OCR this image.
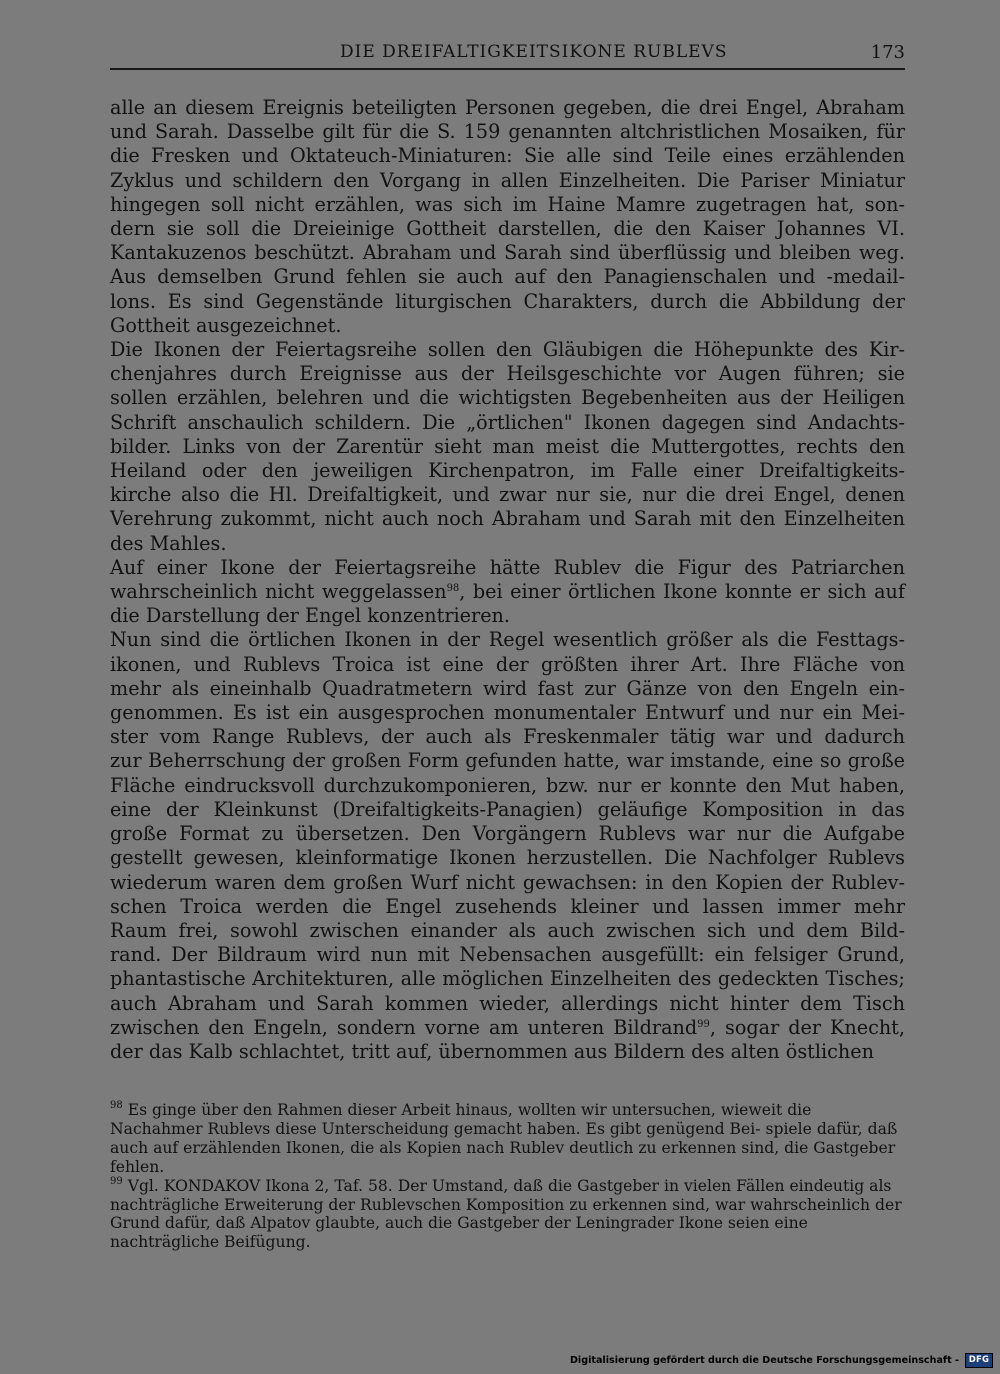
DIE DREIFALTIGKEITSIKONE RUBLEVS	173
alle an diesem Ereignis beteiligten Personen gegeben, die drei Engel, Abraham
und Sarah. Dasselbe gilt für die S. 159 genannten altchristlichen Mosaiken, für
die Fresken und Oktateuch-Miniaturen: Sie alle sind Teile eines erzählenden
Zyklus und schildern den Vorgang in allen Einzelheiten. Die Pariser Miniatur
hingegen soll nicht erzählen, was sich im Haine Mamre zugetragen hat, son-
dern sie soll die Dreieinige Gottheit darstellen, die den Kaiser Johannes VI.
Kantakuzenos beschützt. Abraham und Sarah sind überflüssig und bleiben weg.
Aus demselben Grund fehlen sie auch auf den Panagienschalen und -medail-
lons. Es sind Gegenstände liturgischen Charakters, durch die Abbildung der
Gottheit ausgezeichnet.
Die Ikonen der Feiertagsreihe sollen den Gläubigen die Höhepunkte des Kir-
chenjahres durch Ereignisse aus der Heilsgeschichte vor Augen führen; sie
sollen erzählen, belehren und die wichtigsten Begebenheiten aus der Heiligen
Schrift anschaulich schildern. Die „örtlichen" Ikonen dagegen sind Andachts-
bilder. Links von der Zarentür sieht man meist die Muttergottes, rechts den
Heiland oder den jeweiligen Kirchenpatron, im Falle einer Dreifaltigkeits-
kirche also die Hl. Dreifaltigkeit, und zwar nur sie, nur die drei Engel, denen
Verehrung zukommt, nicht auch noch Abraham und Sarah mit den Einzelheiten
des Mahles.
Auf einer Ikone der Feiertagsreihe hätte Rublev die Figur des Patriarchen
wahrscheinlich nicht weggelassen$^{98}$, bei einer örtlichen Ikone konnte er sich auf
die Darstellung der Engel konzentrieren.
Nun sind die örtlichen Ikonen in der Regel wesentlich größer als die Festtags-
ikonen, und Rublevs Troica ist eine der größten ihrer Art. Ihre Fläche von
mehr als eineinhalb Quadratmetern wird fast zur Gänze von den Engeln ein-
genommen. Es ist ein ausgesprochen monumentaler Entwurf und nur ein Mei-
ster vom Range Rublevs, der auch als Freskenmaler tätig war und dadurch
zur Beherrschung der großen Form gefunden hatte, war imstande, eine so große
Fläche eindrucksvoll durchzukomponieren, bzw. nur er konnte den Mut haben,
eine der Kleinkunst (Dreifaltigkeits-Panagien) geläufige Komposition in das
große Format zu übersetzen. Den Vorgängern Rublevs war nur die Aufgabe
gestellt gewesen, kleinformatige Ikonen herzustellen. Die Nachfolger Rublevs
wiederum waren dem großen Wurf nicht gewachsen: in den Kopien der Rublev-
schen Troica werden die Engel zusehends kleiner und lassen immer mehr
Raum frei, sowohl zwischen einander als auch zwischen sich und dem Bild-
rand. Der Bildraum wird nun mit Nebensachen ausgefüllt: ein felsiger Grund,
phantastische Architekturen, alle möglichen Einzelheiten des gedeckten Tisches;
auch Abraham und Sarah kommen wieder, allerdings nicht hinter dem Tisch
zwischen den Engeln, sondern vorne am unteren Bildrand$^{99}$, sogar der Knecht,
der das Kalb schlachtet, tritt auf, übernommen aus Bildern des alten östlichen

$^{98}$ Es ginge über den Rahmen dieser Arbeit hinaus, wollten wir untersuchen, wieweit die Nachahmer Rublevs diese Unterscheidung gemacht haben. Es gibt genügend Bei- spiele dafür, daß auch auf erzählenden Ikonen, die als Kopien nach Rublev deutlich zu erkennen sind, die Gastgeber fehlen.

$^{99}$ Vgl. KONDAKOV Ikona 2, Taf. 58. Der Umstand, daß die Gastgeber in vielen Fällen eindeutig als nachträgliche Erweiterung der Rublevschen Komposition zu erkennen sind, war wahrscheinlich der Grund dafür, daß Alpatov glaubte, auch die Gastgeber der Leningrader Ikone seien eine nachträgliche Beifügung.

Digitalisierung gefördert durch die Deutsche Forschungsgemeinschaft -	DFG
